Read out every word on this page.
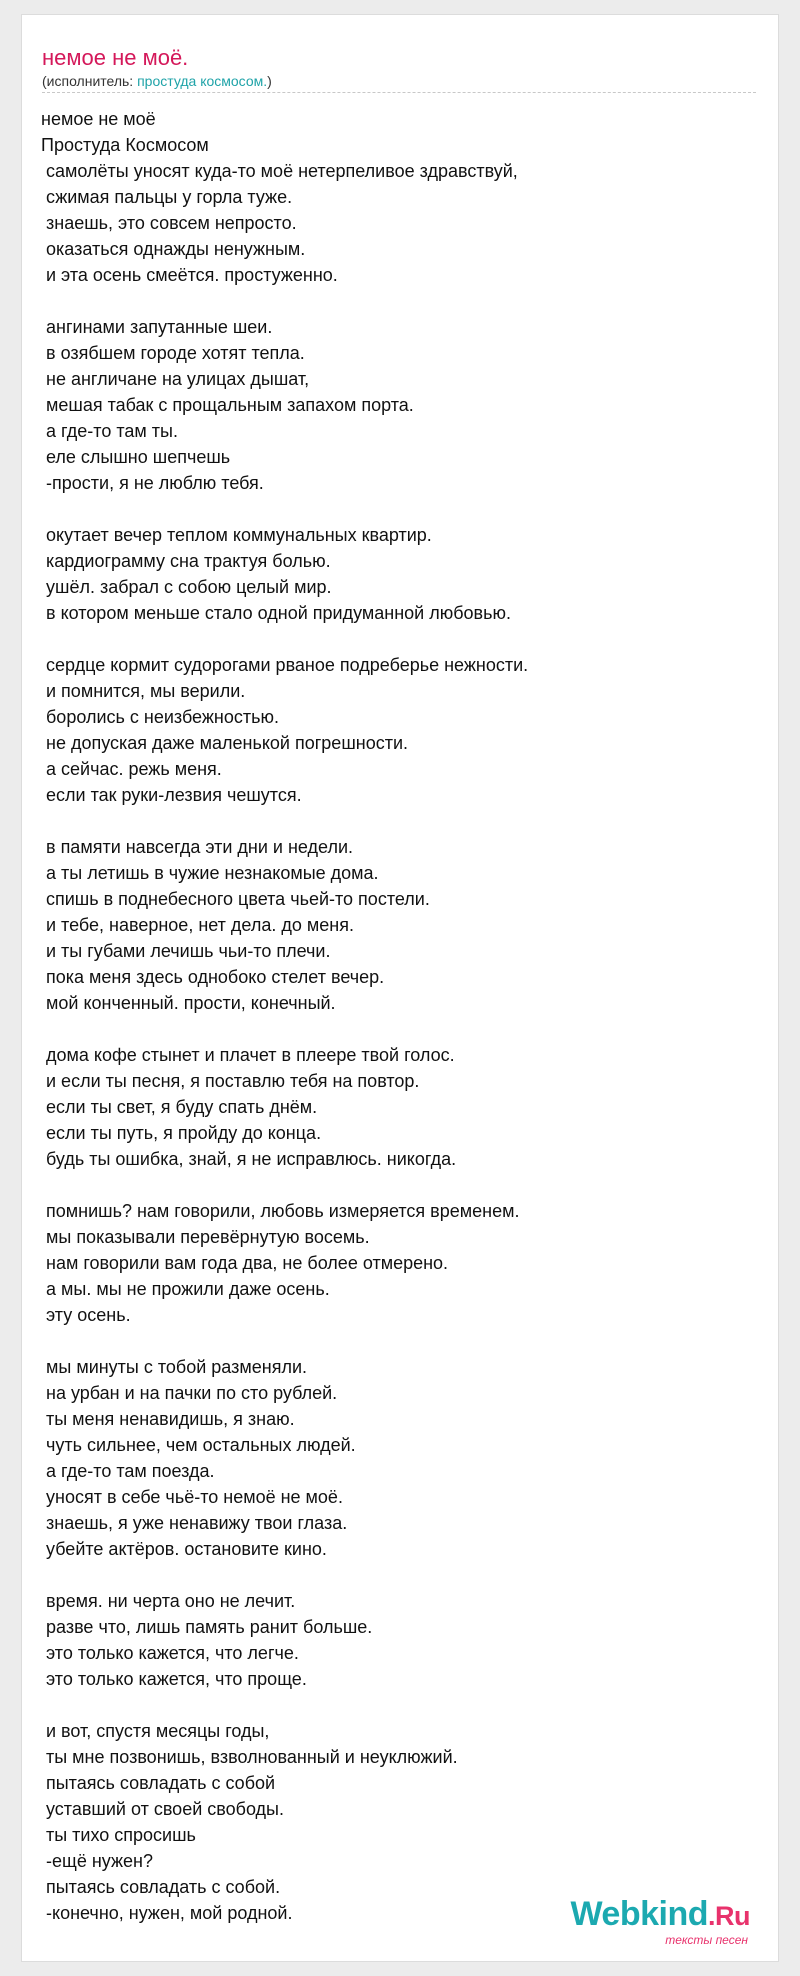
немое не моё.
(исполнитель: простуда космосом.)
немое не моё
Простуда Космосом
самолёты уносят куда-то моё нетерпеливое здравствуй,
сжимая пальцы у горла туже.
знаешь, это совсем непросто.
оказаться однажды ненужным.
и эта осень смеётся. простуженно.
ангинами запутанные шеи.
в озябшем городе хотят тепла.
не англичане на улицах дышат,
мешая табак с прощальным запахом порта.
а где-то там ты.
еле слышно шепчешь
-прости, я не люблю тебя.
окутает вечер теплом коммунальных квартир.
кардиограмму сна трактуя болью.
ушёл. забрал с собою целый мир.
в котором меньше стало одной придуманной любовью.
сердце кормит судорогами рваное подреберье нежности.
и помнится, мы верили.
боролись с неизбежностью.
не допуская даже маленькой погрешности.
а сейчас. режь меня.
если так руки-лезвия чешутся.
в памяти навсегда эти дни и недели.
а ты летишь в чужие незнакомые дома.
спишь в поднебесного цвета чьей-то постели.
и тебе, наверное, нет дела. до меня.
и ты губами лечишь чьи-то плечи.
пока меня здесь однобоко стелет вечер.
мой конченный. прости, конечный.
дома кофе стынет и плачет в плеере твой голос.
и если ты песня, я поставлю тебя на повтор.
если ты свет, я буду спать днём.
если ты путь, я пройду до конца.
будь ты ошибка, знай, я не исправлюсь. никогда.
помнишь? нам говорили, любовь измеряется временем.
мы показывали перевёрнутую восемь.
нам говорили вам года два, не более отмерено.
а мы. мы не прожили даже осень.
эту осень.
мы минуты с тобой разменяли.
на урбан и на пачки по сто рублей.
ты меня ненавидишь, я знаю.
чуть сильнее, чем остальных людей.
а где-то там поезда.
уносят в себе чьё-то немоё не моё.
знаешь, я уже ненавижу твои глаза.
убейте актёров. остановите кино.
время. ни черта оно не лечит.
разве что, лишь память ранит больше.
это только кажется, что легче.
это только кажется, что проще.
и вот, спустя месяцы годы,
ты мне позвонишь, взволнованный и неуклюжий.
пытаясь совладать с собой
уставший от своей свободы.
ты тихо спросишь
-ещё нужен?
пытаясь совладать с собой.
-конечно, нужен, мой родной.	Webkind.Ru
тексты песен
